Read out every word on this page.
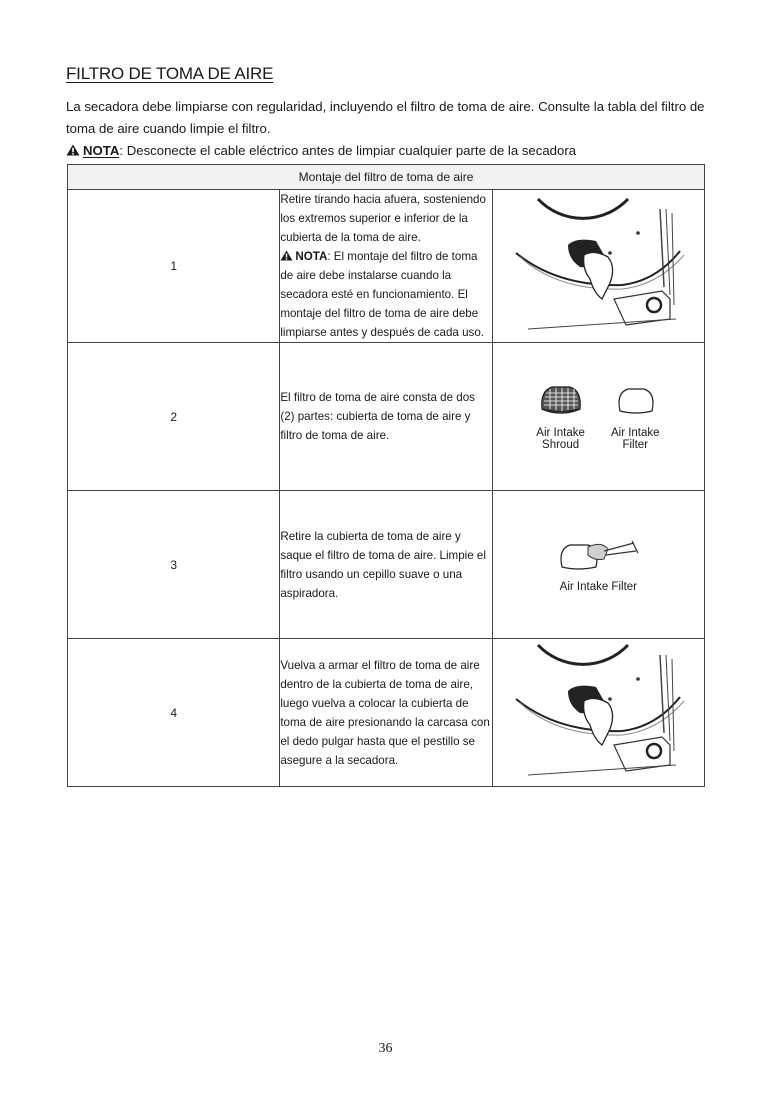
FILTRO DE TOMA DE AIRE
La secadora debe limpiarse con regularidad, incluyendo el filtro de toma de aire. Consulte la tabla del filtro de toma de aire cuando limpie el filtro.
NOTA: Desconecte el cable eléctrico antes de limpiar cualquier parte de la secadora
Montaje del filtro de toma de aire		
1	Retire tirando hacia afuera, sosteniendo los extremos superior e inferior de la cubierta de la toma de aire.
NOTA: El montaje del filtro de toma de aire debe instalarse cuando la secadora esté en funcionamiento. El montaje del filtro de toma de aire debe limpiarse antes y después de cada uso.

2	El filtro de toma de aire consta de dos (2) partes: cubierta de toma de aire y filtro de toma de aire.	Air Intake Shroud
Air Intake Filter

3	Retire la cubierta de toma de aire y saque el filtro de toma de aire. Limpie el filtro usando un cepillo suave o una aspiradora.	Air Intake Filter

4	Vuelva a armar el filtro de toma de aire dentro de la cubierta de toma de aire, luego vuelva a colocar la cubierta de toma de aire presionando la carcasa con el dedo pulgar hasta que el pestillo se asegure a la secadora.

36
